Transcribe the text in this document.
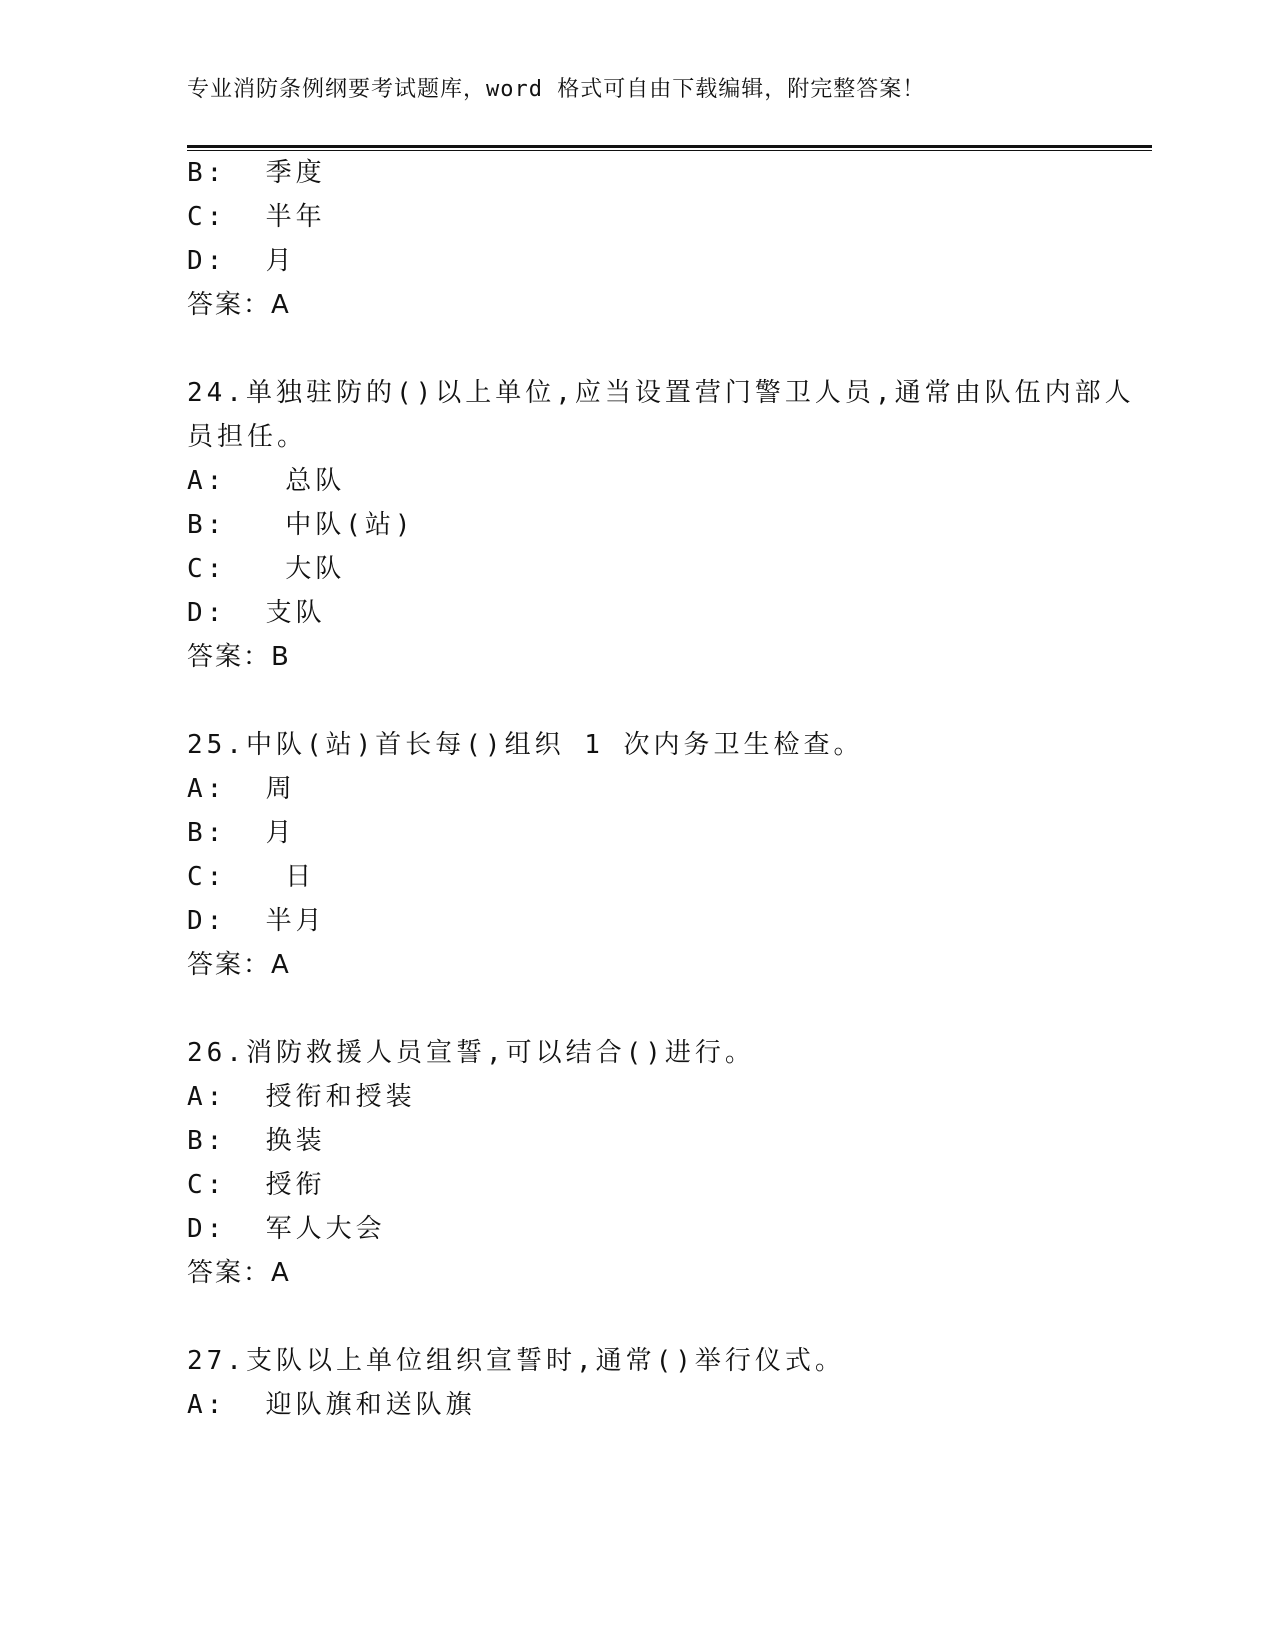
专业消防条例纲要考试题库，word 格式可自由下载编辑，附完整答案！
B:  季度
C:  半年
D:  月
答案：A
24.单独驻防的()以上单位,应当设置营门警卫人员,通常由队伍内部人
员担任。
A:   总队
B:   中队(站)
C:   大队
D:  支队
答案：B
25.中队(站)首长每()组织 1 次内务卫生检查。
A:  周
B:  月
C:   日
D:  半月
答案：A
26.消防救援人员宣誓,可以结合()进行。
A:  授衔和授装
B:  换装
C:  授衔
D:  军人大会
答案：A
27.支队以上单位组织宣誓时,通常()举行仪式。
A:  迎队旗和送队旗
